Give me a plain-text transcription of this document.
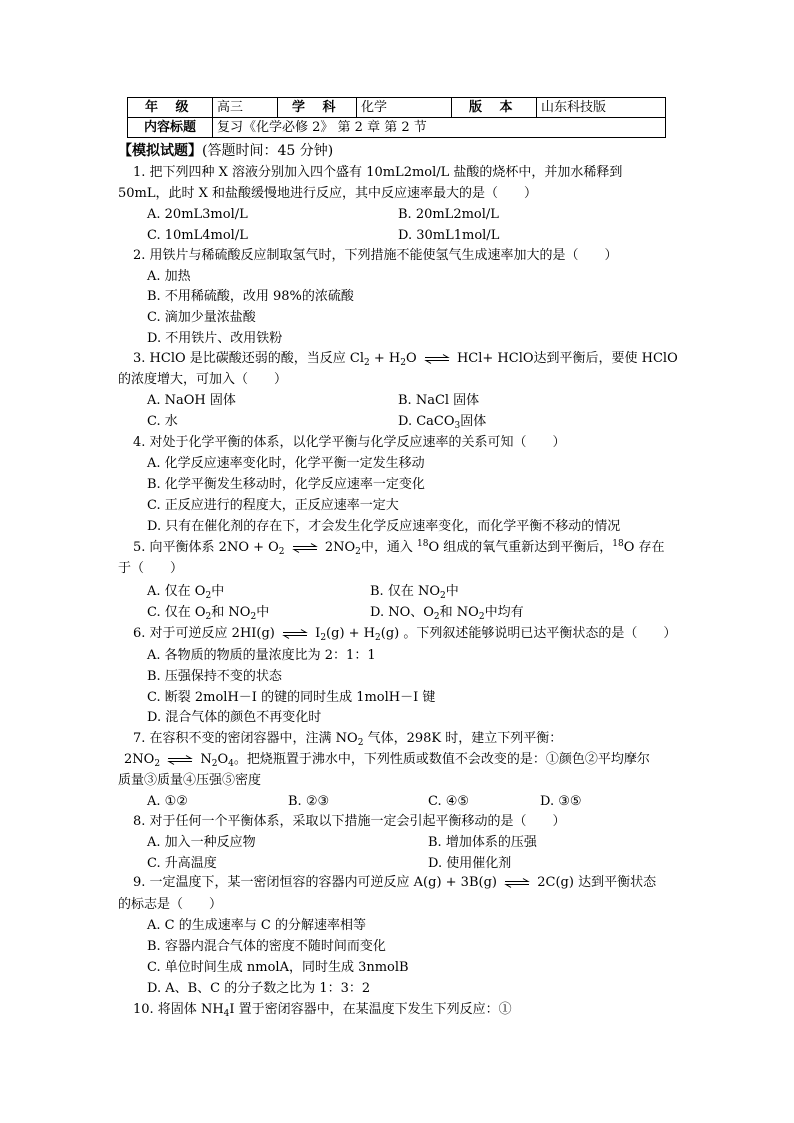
年 级	高三	学 科	化学	版 本	山东科技版
内容标题	复习《化学必修 2》 第 2 章 第 2 节				
【模拟试题】(答题时间：45 分钟)
1. 把下列四种 X 溶液分别加入四个盛有 10mL2mol/L 盐酸的烧杯中，并加水稀释到
50mL，此时 X 和盐酸缓慢地进行反应，其中反应速率最大的是（　　）
A. 20mL3mol/L	B. 20mL2mol/L
C. 10mL4mol/L	D. 30mL1mol/L
2. 用铁片与稀硫酸反应制取氢气时，下列措施不能使氢气生成速率加大的是（　　）
A. 加热
B. 不用稀硫酸，改用 98%的浓硫酸
C. 滴加少量浓盐酸
D. 不用铁片、改用铁粉
3. HClO 是比碳酸还弱的酸，当反应 $Cl_2 + H_2O$ ⇌ HCl+ HClO达到平衡后，要使 HClO
的浓度增大，可加入（　　）
A. NaOH 固体	B. NaCl 固体
C. 水	D. CaCO$_3$固体
4. 对处于化学平衡的体系，以化学平衡与化学反应速率的关系可知（　　）
A. 化学反应速率变化时，化学平衡一定发生移动
B. 化学平衡发生移动时，化学反应速率一定变化
C. 正反应进行的程度大，正反应速率一定大
D. 只有在催化剂的存在下，才会发生化学反应速率变化，而化学平衡不移动的情况
5. 向平衡体系 $2NO + O_2$ ⇌ $2NO_2$中，通入 $^{18}$O 组成的氧气重新达到平衡后，$^{18}$O 存在
于（　　）
A. 仅在 $O_2$中	B. 仅在 $NO_2$中
C. 仅在 $O_2$和 $NO_2$中	D. NO、$O_2$和 $NO_2$中均有
6. 对于可逆反应 2HI(g) ⇌ $I_2(g) + H_2(g)$ 。下列叙述能够说明已达平衡状态的是（　　）
A. 各物质的物质的量浓度比为 2：1：1
B. 压强保持不变的状态
C. 断裂 2molH－I 的键的同时生成 1molH－I 键
D. 混合气体的颜色不再变化时
7. 在容积不变的密闭容器中，注满 $NO_2$ 气体，298K 时，建立下列平衡：
$2NO_2$ ⇌ $N_2O_4$。把烧瓶置于沸水中，下列性质或数值不会改变的是：①颜色②平均摩尔
质量③质量④压强⑤密度
A. ①②	B. ②③	C. ④⑤	D. ③⑤
8. 对于任何一个平衡体系，采取以下措施一定会引起平衡移动的是（　　）
A. 加入一种反应物	B. 增加体系的压强
C. 升高温度	D. 使用催化剂
9. 一定温度下，某一密闭恒容的容器内可逆反应 A(g) + 3B(g) ⇌ 2C(g) 达到平衡状态
的标志是（　　）
A. C 的生成速率与 C 的分解速率相等
B. 容器内混合气体的密度不随时间而变化
C. 单位时间生成 nmolA，同时生成 3nmolB
D. A、B、C 的分子数之比为 1：3：2
10. 将固体 $NH_4I$ 置于密闭容器中，在某温度下发生下列反应：①
